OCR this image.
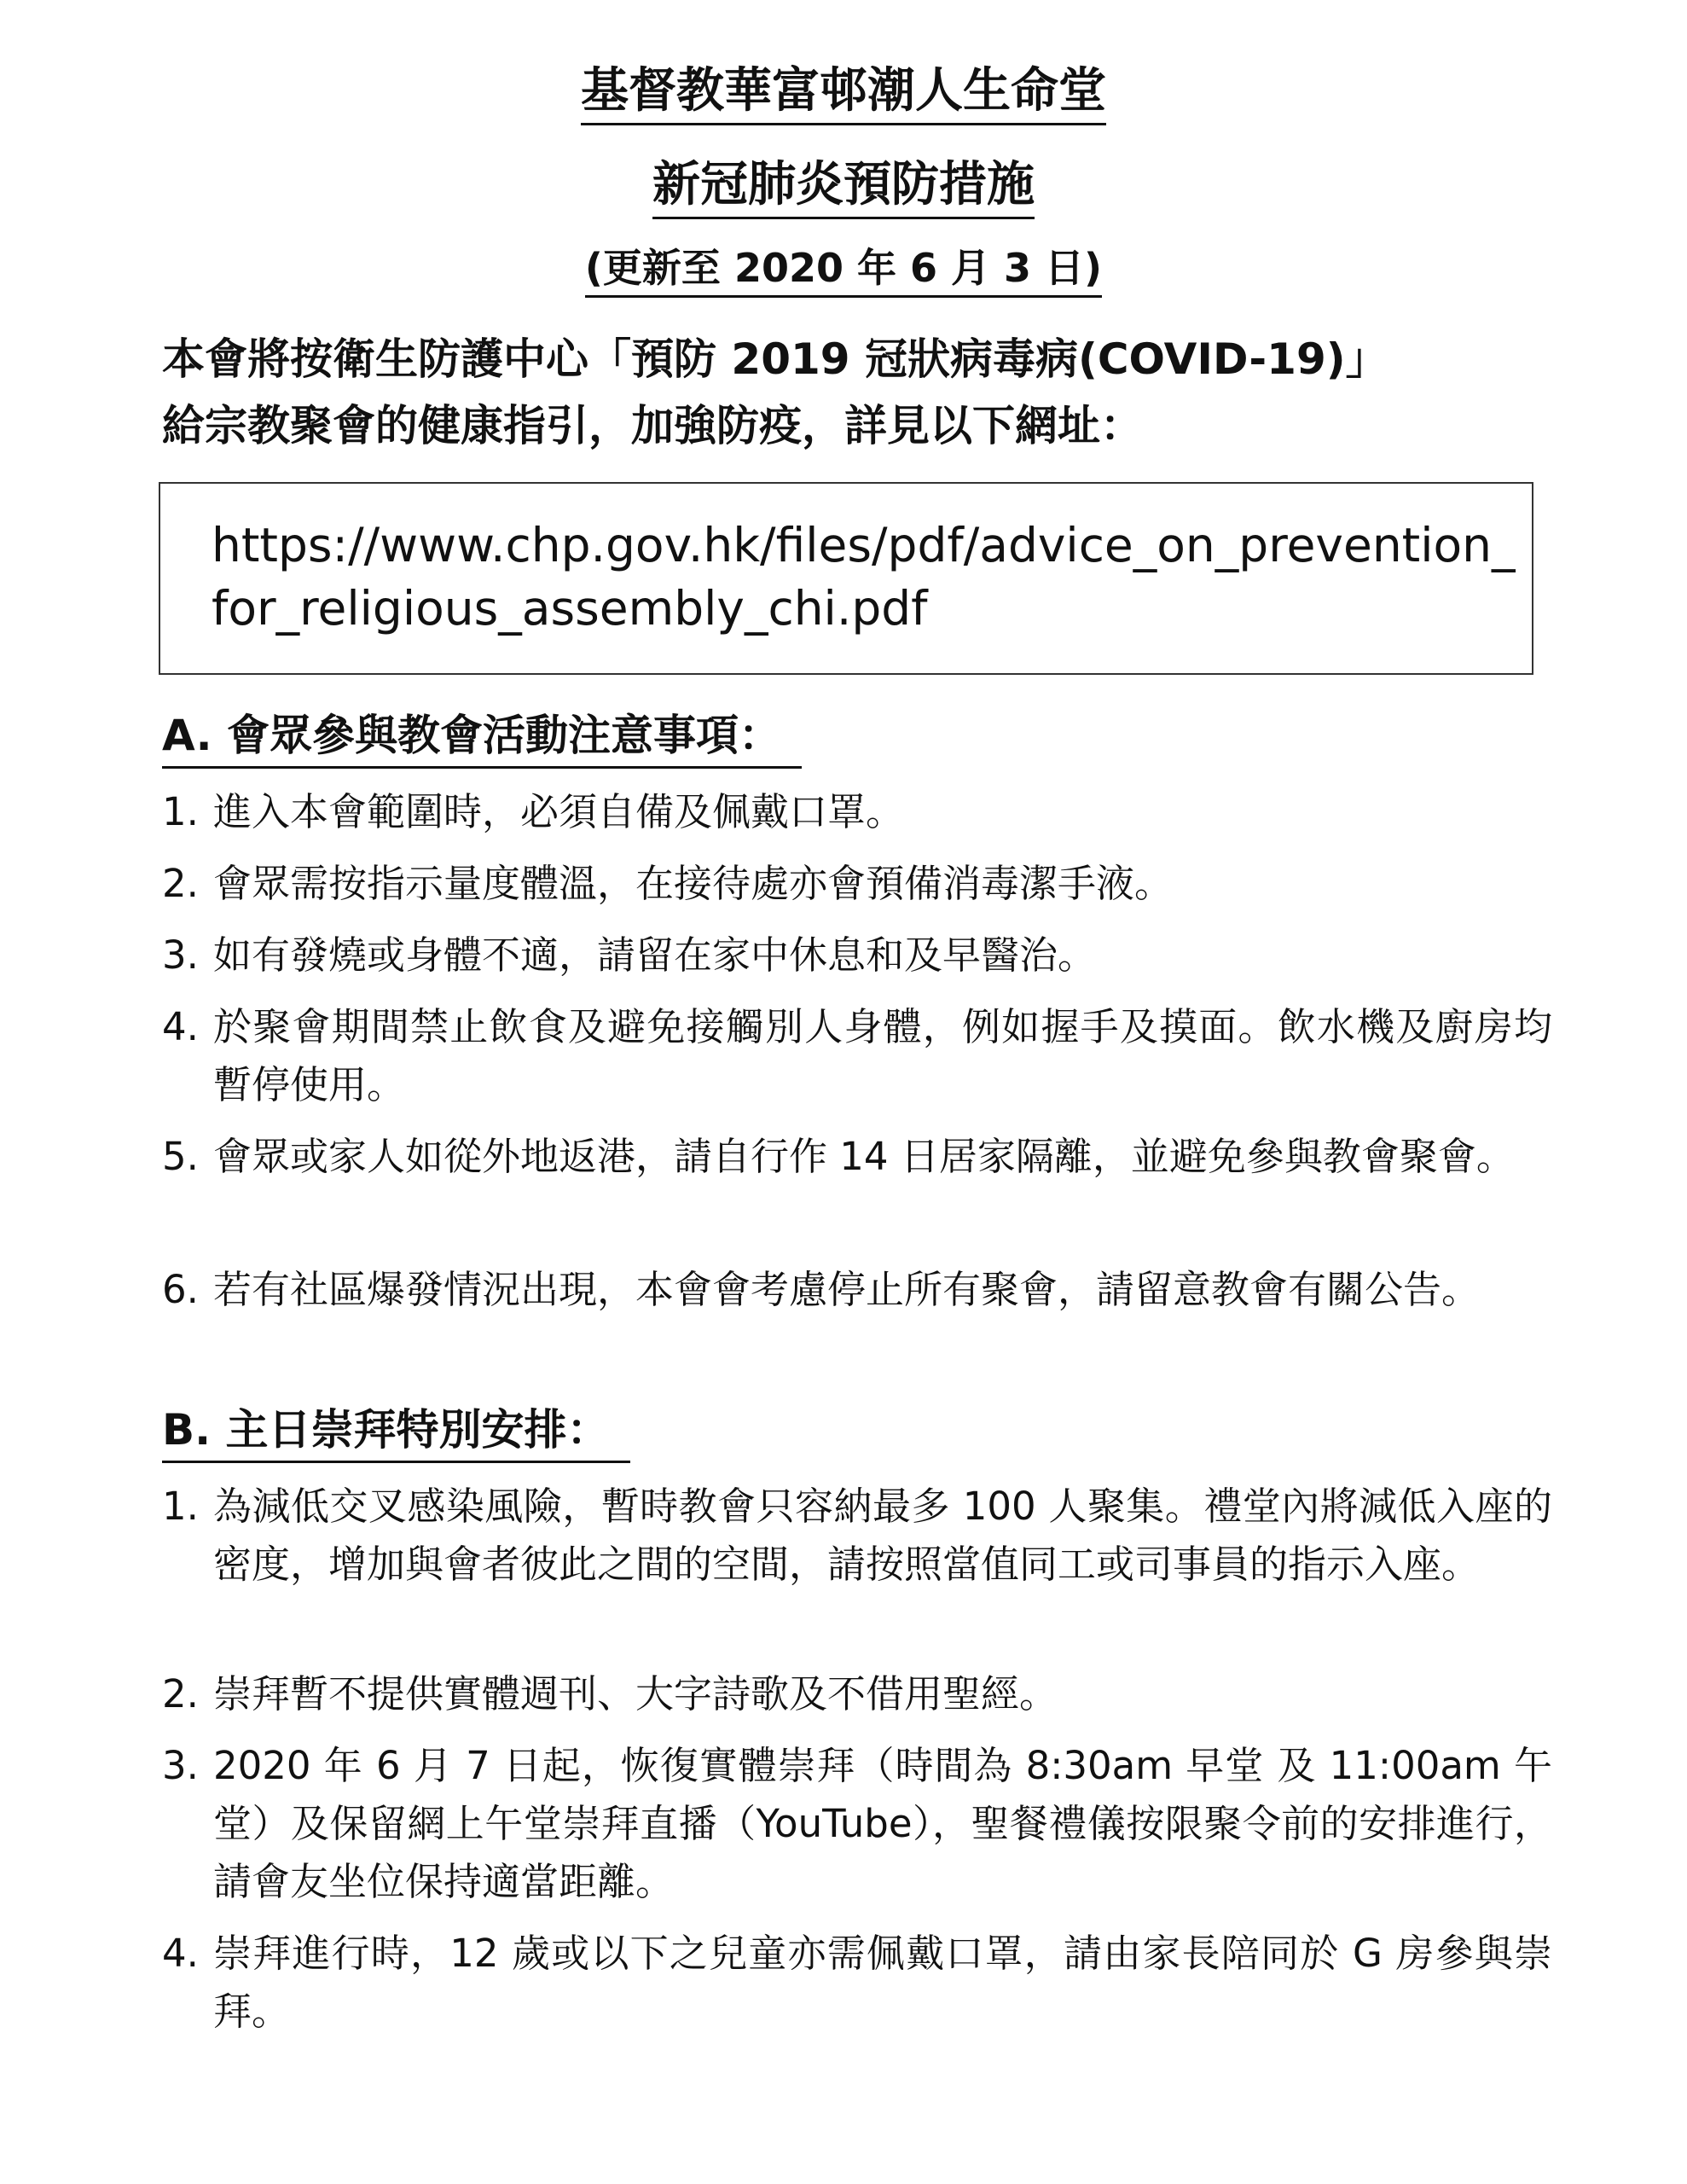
基督教華富邨潮人生命堂
新冠肺炎預防措施
(更新至 2020 年 6 月 3 日)
本會將按衛生防護中心「預防 2019 冠狀病毒病(COVID-19)」
給宗教聚會的健康指引，加強防疫，詳見以下網址：
https://www.chp.gov.hk/files/pdf/advice_on_prevention_
for_religious_assembly_chi.pdf
A. 會眾參與教會活動注意事項：
1. 進入本會範圍時，必須自備及佩戴口罩。
2. 會眾需按指示量度體溫，在接待處亦會預備消毒潔手液。
3. 如有發燒或身體不適，請留在家中休息和及早醫治。
4. 於聚會期間禁止飲食及避免接觸別人身體，例如握手及摸面。飲水機及廚房均暫停使用。
5. 會眾或家人如從外地返港，請自行作 14 日居家隔離，並避免參與教會聚會。
6. 若有社區爆發情況出現，本會會考慮停止所有聚會，請留意教會有關公告。
B. 主日崇拜特別安排：
1. 為減低交叉感染風險，暫時教會只容納最多 100 人聚集。禮堂內將減低入座的密度，增加與會者彼此之間的空間，請按照當值同工或司事員的指示入座。
2. 崇拜暫不提供實體週刊、大字詩歌及不借用聖經。
3. 2020 年 6 月 7 日起，恢復實體崇拜（時間為 8:30am 早堂 及 11:00am 午堂）及保留網上午堂崇拜直播（YouTube），聖餐禮儀按限聚令前的安排進行，請會友坐位保持適當距離。
4. 崇拜進行時，12 歲或以下之兒童亦需佩戴口罩，請由家長陪同於 G 房參與崇拜。
